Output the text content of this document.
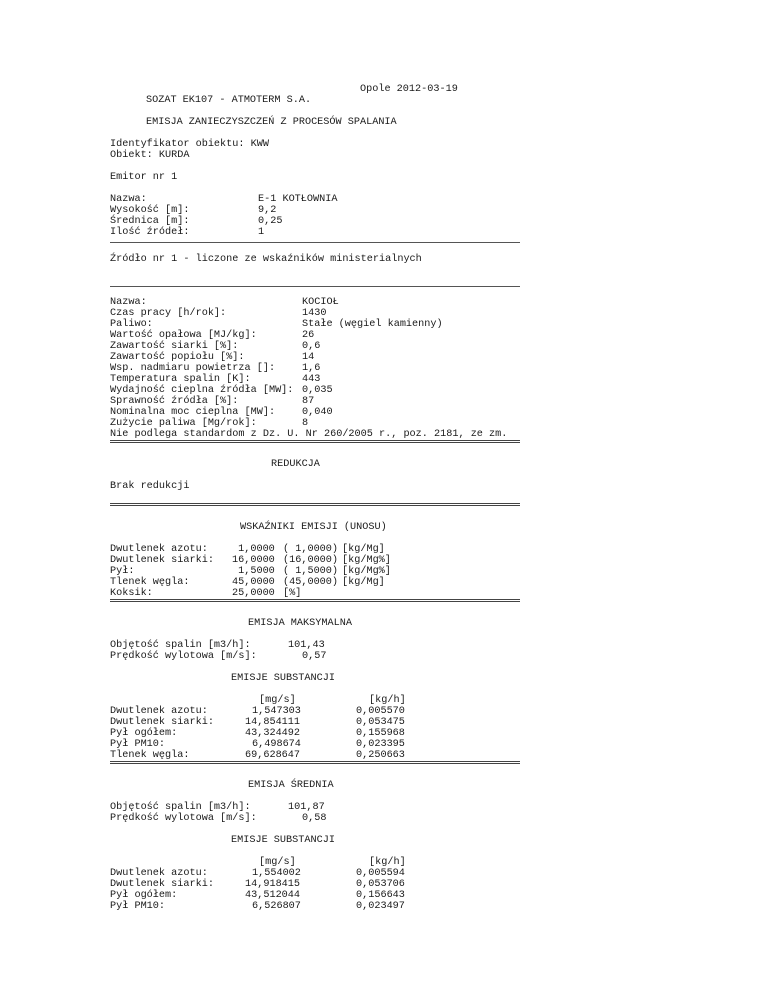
Opole 2012-03-19
SOZAT EK107 - ATMOTERM S.A.
EMISJA ZANIECZYSZCZEŃ Z PROCESÓW SPALANIA
Identyfikator obiektu: KWW
Obiekt: KURDA
Emitor nr 1
Nazwa:	E-1 KOTŁOWNIA
Wysokość [m]:	9,2
Średnica [m]:	0,25
Ilość źródeł:	1
Źródło nr 1 - liczone ze wskaźników ministerialnych
Nazwa:	KOCIOŁ
Czas pracy [h/rok]:	1430
Paliwo:	Stałe (węgiel kamienny)
Wartość opałowa [MJ/kg]:	26
Zawartość siarki [%]:	0,6
Zawartość popiołu [%]:	14
Wsp. nadmiaru powietrza []:	1,6
Temperatura spalin [K]:	443
Wydajność cieplna źródła [MW]: 0,035
Sprawność źródła [%]:	87
Nominalna moc cieplna [MW]:	0,040
Zużycie paliwa [Mg/rok]:	8
Nie podlega standardom z Dz. U. Nr 260/2005 r., poz. 2181, ze zm.
REDUKCJA
Brak redukcji
WSKAŹNIKI EMISJI (UNOSU)
Dwutlenek azotu: 1,0000 ( 1,0000) [kg/Mg]
Dwutlenek siarki: 16,0000 (16,0000) [kg/Mg%]
Pył:	1,5000 ( 1,5000) [kg/Mg%]
Tlenek węgla:	45,0000 (45,0000) [kg/Mg]
Koksik:	25,0000 [%]
EMISJA MAKSYMALNA
Objętość spalin [m3/h]:	101,43
Prędkość wylotowa [m/s]:	0,57
EMISJE SUBSTANCJI
[mg/s]	[kg/h]
Dwutlenek azotu:	1,547303	0,005570
Dwutlenek siarki:	14,854111	0,053475
Pył ogółem:	43,324492	0,155968
Pył PM10:	6,498674	0,023395
Tlenek węgla:	69,628647	0,250663
EMISJA ŚREDNIA
Objętość spalin [m3/h]:	101,87
Prędkość wylotowa [m/s]:	0,58
EMISJE SUBSTANCJI
[mg/s]	[kg/h]
Dwutlenek azotu:	1,554002	0,005594
Dwutlenek siarki:	14,918415	0,053706
Pył ogółem:	43,512044	0,156643
Pył PM10:	6,526807	0,023497
